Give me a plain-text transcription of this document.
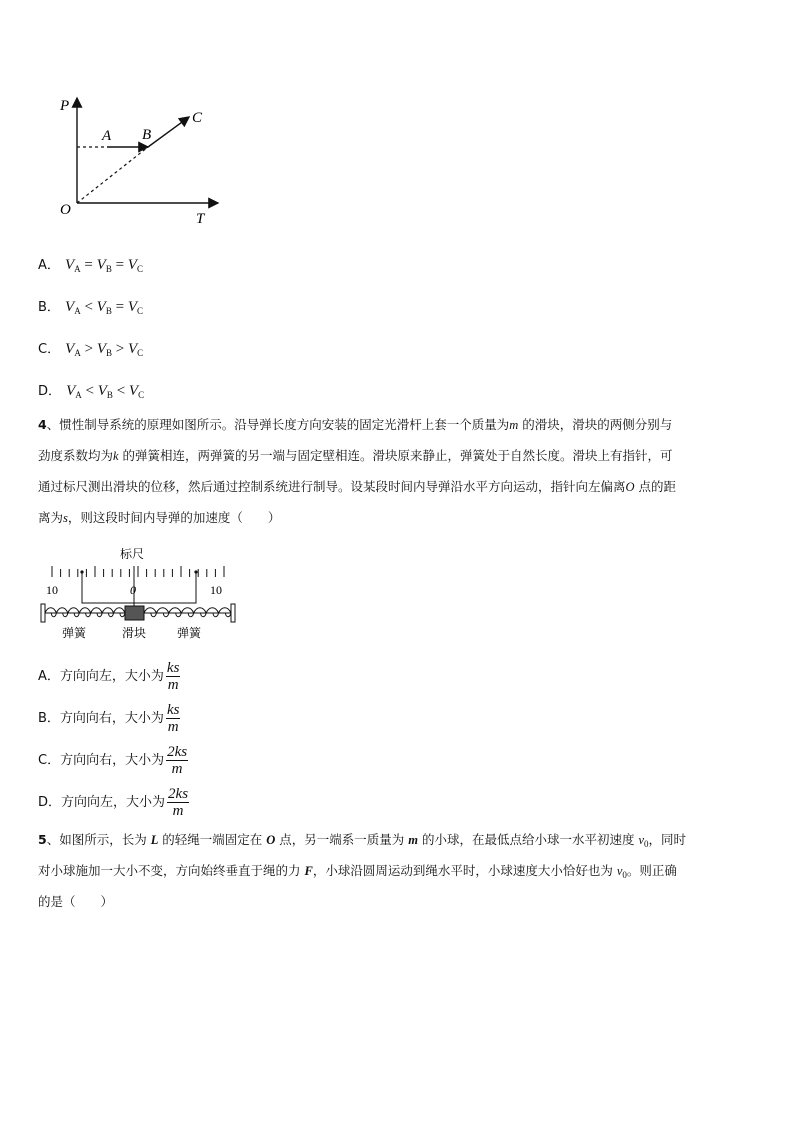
P
T
O
A B
C
A． $V_A = V_B = V_C$
B． $V_A < V_B = V_C$
C． $V_A > V_B > V_C$
D． $V_A < V_B < V_C$
4、惯性制导系统的原理如图所示。沿导弹长度方向安装的固定光滑杆上套一个质量为m 的滑块，滑块的两侧分别与
劲度系数均为k 的弹簧相连，两弹簧的另一端与固定壁相连。滑块原来静止，弹簧处于自然长度。滑块上有指针，可
通过标尺测出滑块的位移，然后通过控制系统进行制导。设某段时间内导弹沿水平方向运动，指针向左偏离O 点的距
离为s，则这段时间内导弹的加速度（　　）
标尺
10	0	10
弹簧	滑块	弹簧
A． 方向向左，大小为 $\frac{ks}{m}$
B． 方向向右，大小为 $\frac{ks}{m}$
C． 方向向右，大小为 $\frac{2ks}{m}$
D． 方向向左，大小为 $\frac{2ks}{m}$
5、如图所示，长为 L 的轻绳一端固定在 O 点，另一端系一质量为 m 的小球，在最低点给小球一水平初速度 $v_0$，同时
对小球施加一大小不变，方向始终垂直于绳的力 F，小球沿圆周运动到绳水平时，小球速度大小恰好也为 $v_0$。则正确
的是（　　）
